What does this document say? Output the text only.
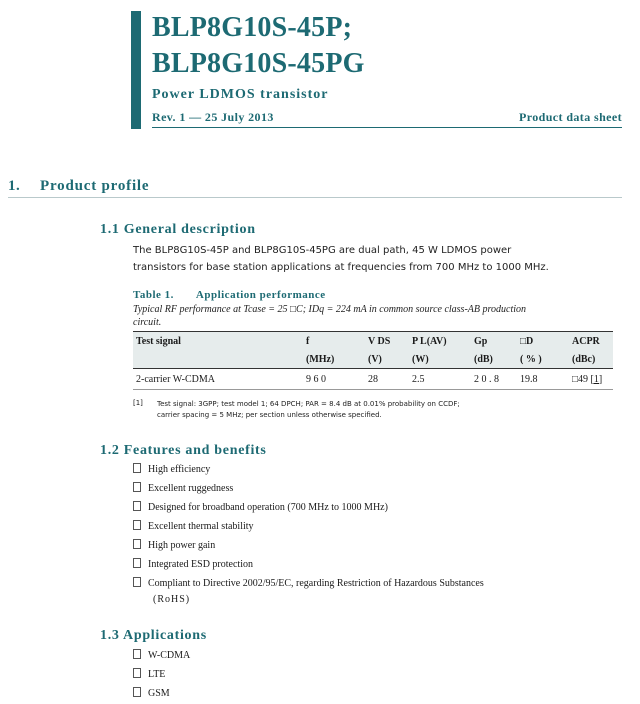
BLP8G10S-45P;
BLP8G10S-45PG
Power LDMOS transistor
Rev. 1 — 25 July 2013	Product data sheet
1. Product profile
1.1 General description
The BLP8G10S-45P and BLP8G10S-45PG are dual path, 45 W LDMOS power
transistors for base station applications at frequencies from 700 MHz to 1000 MHz.
Table 1. Application performance
Typical RF performance at Tcase = 25 □C; IDq = 224 mA in common source class-AB production
circuit.
Test signal	f	V DS	P L(AV)	Gp	□D	ACPR
	(MHz)	(V)	(W)	(dB)	( % )	(dBc)
2-carrier W-CDMA	9 6 0	28	2.5	2 0 . 8	19.8	□49 [1]
[1] Test signal: 3GPP; test model 1; 64 DPCH; PAR = 8.4 dB at 0.01% probability on CCDF;
carrier spacing = 5 MHz; per section unless otherwise specified.
1.2 Features and benefits
High efficiency
Excellent ruggedness
Designed for broadband operation (700 MHz to 1000 MHz)
Excellent thermal stability
High power gain
Integrated ESD protection
Compliant to Directive 2002/95/EC, regarding Restriction of Hazardous Substances
(RoHS)
1.3 Applications
W-CDMA
LTE
GSM
